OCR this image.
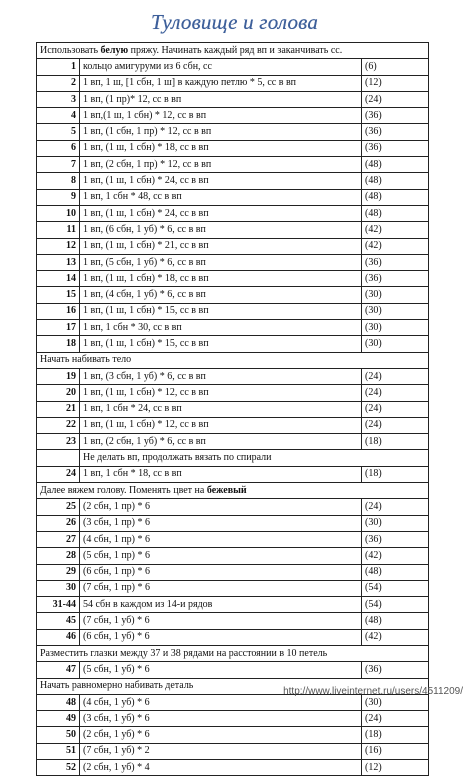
Туловище и голова
Использовать белую пряжу. Начинать каждый ряд вп и заканчивать сс.		
1	кольцо амигуруми из 6 сбн, сс	(6)
2	1 вп, 1 ш, [1 сбн, 1 ш] в каждую петлю * 5, сс в вп	(12)
3	1 вп, (1 пр)* 12, сс в вп	(24)
4	1 вп,(1 ш, 1 сбн) * 12, сс в вп	(36)
5	1 вп, (1 сбн, 1 пр) * 12, сс в вп	(36)
6	1 вп, (1 ш, 1 сбн) * 18, сс в вп	(36)
7	1 вп, (2 сбн, 1 пр) * 12, сс в вп	(48)
8	1 вп, (1 ш, 1 сбн) * 24, сс в вп	(48)
9	1 вп, 1 сбн * 48, сс в вп	(48)
10	1 вп, (1 ш, 1 сбн) * 24, сс в вп	(48)
11	1 вп, (6 сбн, 1 уб) * 6, сс в вп	(42)
12	1 вп, (1 ш, 1 сбн) * 21, сс в вп	(42)
13	1 вп, (5 сбн, 1 уб) * 6, сс в вп	(36)
14	1 вп, (1 ш, 1 сбн) * 18, сс в вп	(36)
15	1 вп, (4 сбн, 1 уб) * 6, сс в вп	(30)
16	1 вп, (1 ш, 1 сбн) * 15, сс в вп	(30)
17	1 вп, 1 сбн * 30, сс в вп	(30)
18	1 вп, (1 ш, 1 сбн) * 15, сс в вп	(30)
Начать набивать тело		
19	1 вп, (3 сбн, 1 уб) * 6, сс в вп	(24)
20	1 вп, (1 ш, 1 сбн) * 12, сс в вп	(24)
21	1 вп, 1 сбн * 24, сс в вп	(24)
22	1 вп, (1 ш, 1 сбн) * 12, сс в вп	(24)
23	1 вп, (2 сбн, 1 уб) * 6, сс в вп	(18)
	Не делать вп, продолжать вязать по спирали	
24	1 вп, 1 сбн * 18, сс в вп	(18)
Далее вяжем голову. Поменять цвет на бежевый		
25	(2 сбн, 1 пр) * 6	(24)
26	(3 сбн, 1 пр) * 6	(30)
27	(4 сбн, 1 пр) * 6	(36)
28	(5 сбн, 1 пр) * 6	(42)
29	(6 сбн, 1 пр) * 6	(48)
30	(7 сбн, 1 пр) * 6	(54)
31-44	54 сбн в каждом из 14-и рядов	(54)
45	(7 сбн, 1 уб) * 6	(48)
46	(6 сбн, 1 уб) * 6	(42)
Разместить глазки между 37 и 38 рядами на расстоянии в 10 петель		
47	(5 сбн, 1 уб) * 6	(36)
Начать равномерно набивать деталь		
48	(4 сбн, 1 уб) * 6	(30)
49	(3 сбн, 1 уб) * 6	(24)
50	(2 сбн, 1 уб) * 6	(18)
51	(7 сбн, 1 уб) * 2	(16)
52	(2 сбн, 1 уб) * 4	(12)
http://www.liveinternet.ru/users/4511209/
